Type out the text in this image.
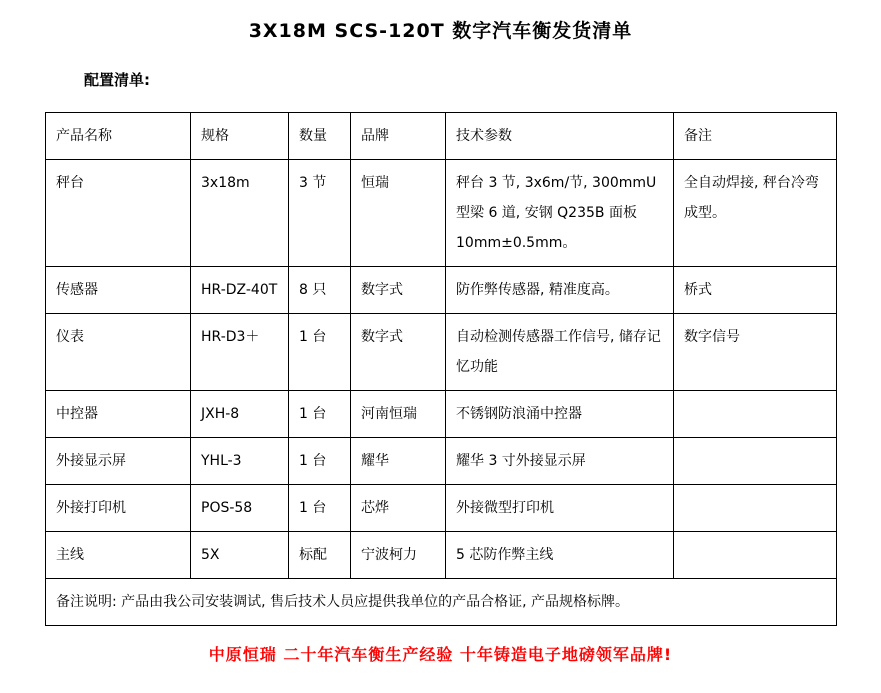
3X18M SCS-120T 数字汽车衡发货清单
配置清单:
产品名称	规格	数量	品牌	技术参数	备注
秤台	3x18m	3 节	恒瑞	秤台 3 节, 3x6m/节, 300mmU 型梁 6 道, 安钢 Q235B 面板 10mm±0.5mm。	全自动焊接, 秤台冷弯成型。
传感器	HR-DZ-40T	8 只	数字式	防作弊传感器, 精准度高。	桥式
仪表	HR-D3＋	1 台	数字式	自动检测传感器工作信号, 储存记忆功能	数字信号
中控器	JXH-8	1 台	河南恒瑞	不锈钢防浪涌中控器	
外接显示屏	YHL-3	1 台	耀华	耀华 3 寸外接显示屏	
外接打印机	POS-58	1 台	芯烨	外接微型打印机	
主线	5X	标配	宁波柯力	5 芯防作弊主线	
备注说明: 产品由我公司安装调试, 售后技术人员应提供我单位的产品合格证, 产品规格标牌。					
中原恒瑞 二十年汽车衡生产经验 十年铸造电子地磅领军品牌!
